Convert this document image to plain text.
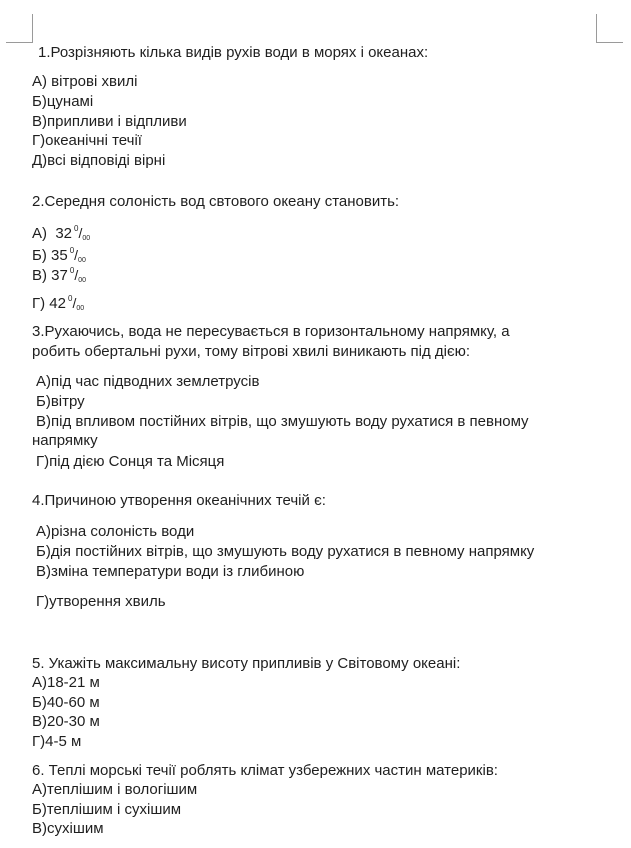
1.Розрізняють кілька видів рухів води в морях і океанах:

А) вітрові хвилі

Б)цунамі

В)припливи і відпливи

Г)океанічні течії

Д)всі відповіді вірні

2.Середня солоність вод свтового океану становить:

А) 32 $^0$/00

Б) 35 $^0$/00

В) 37 $^0$/00

Г) 42 $^0$/00

3.Рухаючись, вода не пересувається в горизонтальному напрямку, а

робить обертальні рухи, тому вітрові хвилі виникають під дією:

А)під час підводних землетрусів

Б)вітру

В)під впливом постійних вітрів, що змушують воду рухатися в певному

напрямку

Г)під дією Сонця та Місяця

4.Причиною утворення океанічних течій є:

А)різна солоність води

Б)дія постійних вітрів, що змушують воду рухатися в певному напрямку

В)зміна температури води із глибиною

Г)утворення хвиль

5. Укажіть максимальну висоту припливів у Світовому океані:

А)18-21 м

Б)40-60 м

В)20-30 м

Г)4-5 м

6. Теплі морські течії роблять клімат узбережних частин материків:

А)теплішим і вологішим

Б)теплішим і сухішим

В)сухішим
